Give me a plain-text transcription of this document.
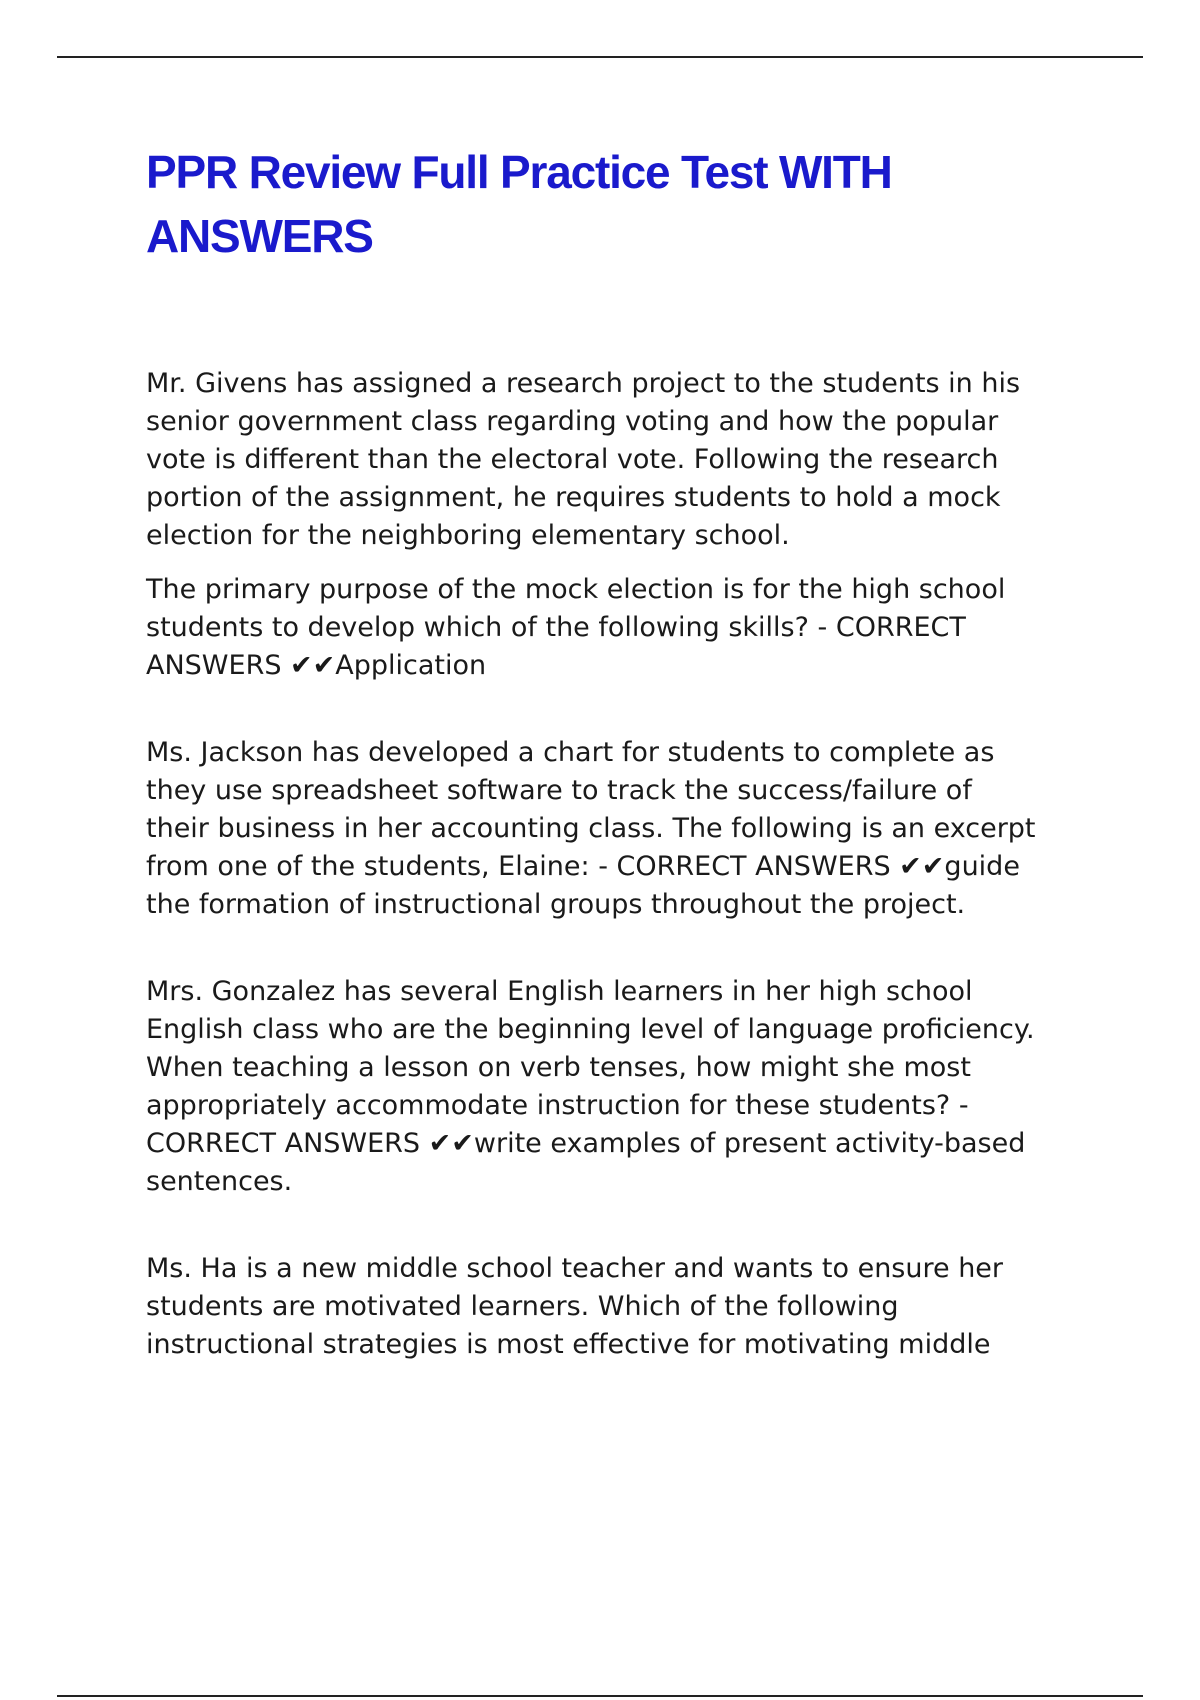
PPR Review Full Practice Test WITH ANSWERS

Mr. Givens has assigned a research project to the students in his
senior government class regarding voting and how the popular
vote is different than the electoral vote. Following the research
portion of the assignment, he requires students to hold a mock
election for the neighboring elementary school.

The primary purpose of the mock election is for the high school
students to develop which of the following skills? - CORRECT
ANSWERS ✔✔Application

Ms. Jackson has developed a chart for students to complete as
they use spreadsheet software to track the success/failure of
their business in her accounting class. The following is an excerpt
from one of the students, Elaine: - CORRECT ANSWERS ✔✔guide
the formation of instructional groups throughout the project.

Mrs. Gonzalez has several English learners in her high school
English class who are the beginning level of language proficiency.
When teaching a lesson on verb tenses, how might she most
appropriately accommodate instruction for these students? -
CORRECT ANSWERS ✔✔write examples of present activity-based
sentences.

Ms. Ha is a new middle school teacher and wants to ensure her
students are motivated learners. Which of the following
instructional strategies is most effective for motivating middle
